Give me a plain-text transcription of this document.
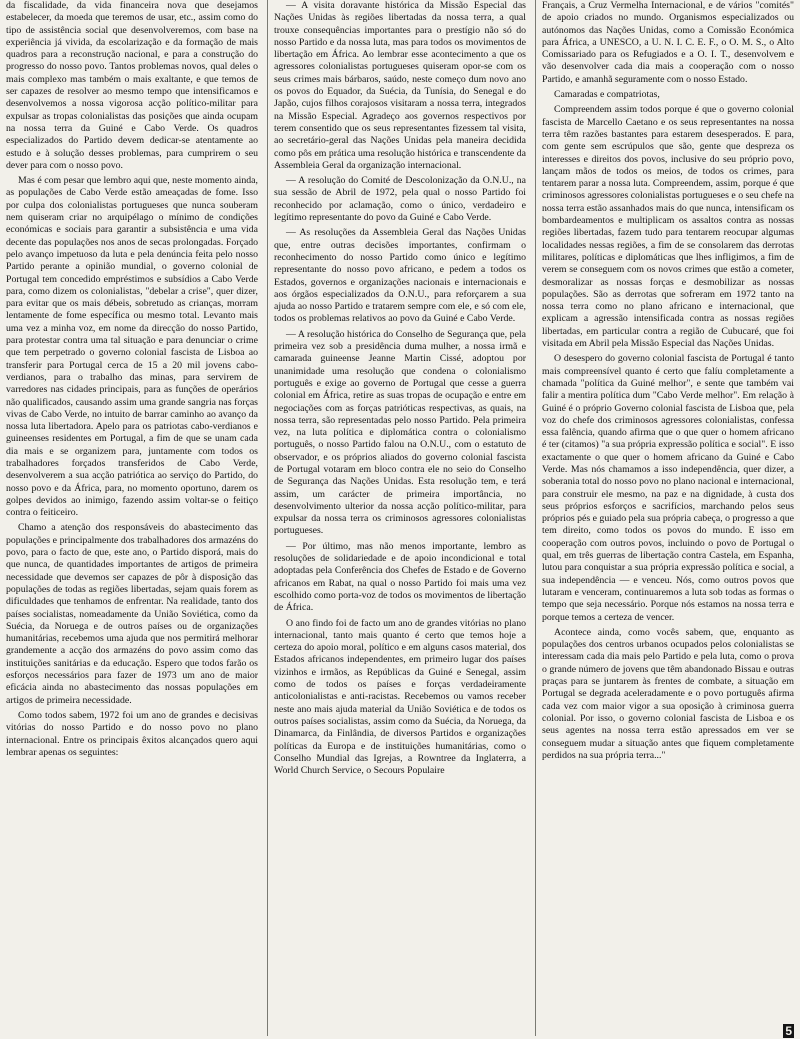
da fiscalidade, da vida financeira nova que desejamos estabelecer, da moeda que teremos de usar, etc., assim como do tipo de assistência social que desenvolveremos, com base na experiência já vivida, da escolarização e da formação de mais quadros para a reconstrução nacional, e para a construção do progresso do nosso povo. Tantos problemas novos, qual deles o mais complexo mas também o mais exaltante, e que temos de ser capazes de resolver ao mesmo tempo que intensificamos e desenvolvemos a nossa vigorosa acção político-militar para expulsar as tropas colonialistas das posições que ainda ocupam na nossa terra da Guiné e Cabo Verde. Os quadros especializados do Partido devem dedicar-se atentamente ao estudo e à solução desses problemas, para cumprirem o seu dever para com o nosso povo.

Mas é com pesar que lembro aqui que, neste momento ainda, as populações de Cabo Verde estão ameaçadas de fome. Isso por culpa dos colonialistas portugueses que nunca souberam nem quiseram criar no arquipélago o mínimo de condições económicas e sociais para garantir a subsistência e uma vida decente das populações nos anos de secas prolongadas. Forçado pelo avanço impetuoso da luta e pela denúncia feita pelo nosso Partido perante a opinião mundial, o governo colonial de Portugal tem concedido empréstimos e subsídios a Cabo Verde para, como dizem os colonialistas, "debelar a crise", quer dizer, para evitar que os mais débeis, sobretudo as crianças, morram lentamente de fome específica ou mesmo total. Levanto mais uma vez a minha voz, em nome da direcção do nosso Partido, para protestar contra uma tal situação e para denunciar o crime que tem perpetrado o governo colonial fascista de Lisboa ao transferir para Portugal cerca de 15 a 20 mil jovens cabo-verdianos, para o trabalho das minas, para servirem de varredores nas cidades principais, para as funções de operários não qualificados, causando assim uma grande sangria nas forças vivas de Cabo Verde, no intuito de barrar caminho ao avanço da nossa luta libertadora. Apelo para os patriotas cabo-verdianos e guineenses residentes em Portugal, a fim de que se unam cada dia mais e se organizem para, juntamente com todos os trabalhadores forçados transferidos de Cabo Verde, desenvolverem a sua acção patriótica ao serviço do Partido, do nosso povo e da África, para, no momento oportuno, darem os golpes devidos ao inimigo, fazendo assim voltar-se o feitiço contra o feiticeiro.

Chamo a atenção dos responsáveis do abastecimento das populações e principalmente dos trabalhadores dos armazéns do povo, para o facto de que, este ano, o Partido disporá, mais do que nunca, de quantidades importantes de artigos de primeira necessidade que devemos ser capazes de pôr à disposição das populações de todas as regiões libertadas, sejam quais forem as dificuldades que tenhamos de enfrentar. Na realidade, tanto dos países socialistas, nomeadamente da União Soviética, como da Suécia, da Noruega e de outros países ou de organizações humanitárias, recebemos uma ajuda que nos permitirá melhorar grandemente a acção dos armazéns do povo assim como das instituições sanitárias e da educação. Espero que todos farão os esforços necessários para fazer de 1973 um ano de maior eficácia ainda no abastecimento das nossas populações em artigos de primeira necessidade.

Como todos sabem, 1972 foi um ano de grandes e decisivas vitórias do nosso Partido e do nosso povo no plano internacional. Entre os principais êxitos alcançados quero aqui lembrar apenas os seguintes:

— A visita doravante histórica da Missão Especial das Nações Unidas às regiões libertadas da nossa terra, a qual trouxe consequências importantes para o prestígio não só do nosso Partido e da nossa luta, mas para todos os movimentos de libertação em África. Ao lembrar esse acontecimento a que os agressores colonialistas portugueses quiseram opor-se com os seus crimes mais bárbaros, saúdo, neste começo dum novo ano os povos do Equador, da Suécia, da Tunísia, do Senegal e do Japão, cujos filhos corajosos visitaram a nossa terra, integrados na Missão Especial. Agradeço aos governos respectivos por terem consentido que os seus representantes fizessem tal visita, ao secretário-geral das Nações Unidas pela maneira decidida como pôs em prática uma resolução histórica e transcendente da Assembleia Geral da organização internacional.

— A resolução do Comité de Descolonização da O.N.U., na sua sessão de Abril de 1972, pela qual o nosso Partido foi reconhecido por aclamação, como o único, verdadeiro e legítimo representante do povo da Guiné e Cabo Verde.

— As resoluções da Assembleia Geral das Nações Unidas que, entre outras decisões importantes, confirmam o reconhecimento do nosso Partido como único e legítimo representante do nosso povo africano, e pedem a todos os Estados, governos e organizações nacionais e internacionais e aos órgãos especializados da O.N.U., para reforçarem a sua ajuda ao nosso Partido e tratarem sempre com ele, e só com ele, todos os problemas relativos ao povo da Guiné e Cabo Verde.

— A resolução histórica do Conselho de Segurança que, pela primeira vez sob a presidência duma mulher, a nossa irmã e camarada guineense Jeanne Martin Cissé, adoptou por unanimidade uma resolução que condena o colonialismo português e exige ao governo de Portugal que cesse a guerra colonial em África, retire as suas tropas de ocupação e entre em negociações com as forças patrióticas respectivas, as quais, na nossa terra, são representadas pelo nosso Partido. Pela primeira vez, na luta política e diplomática contra o colonialismo português, o nosso Partido falou na O.N.U., com o estatuto de observador, e os próprios aliados do governo colonial fascista de Portugal votaram em bloco contra ele no seio do Conselho de Segurança das Nações Unidas. Esta resolução tem, e terá assim, um carácter de primeira importância, no desenvolvimento ulterior da nossa acção político-militar, para expulsar da nossa terra os criminosos agressores colonialistas portugueses.

— Por último, mas não menos importante, lembro as resoluções de solidariedade e de apoio incondicional e total adoptadas pela Conferência dos Chefes de Estado e de Governo africanos em Rabat, na qual o nosso Partido foi mais uma vez escolhido como porta-voz de todos os movimentos de libertação de África.

O ano findo foi de facto um ano de grandes vitórias no plano internacional, tanto mais quanto é certo que temos hoje a certeza do apoio moral, político e em alguns casos material, dos Estados africanos independentes, em primeiro lugar dos países vizinhos e irmãos, as Repúblicas da Guiné e Senegal, assim como de todos os países e forças verdadeiramente anticolonialistas e anti-racistas. Recebemos ou vamos receber neste ano mais ajuda material da União Soviética e de todos os outros países socialistas, assim como da Suécia, da Noruega, da Dinamarca, da Finlândia, de diversos Partidos e organizações políticas da Europa e de instituições humanitárias, como o Conselho Mundial das Igrejas, a Rowntree da Inglaterra, a World Church Service, o Secours Populaire

Français, a Cruz Vermelha Internacional, e de vários "comités" de apoio criados no mundo. Organismos especializados ou autónomos das Nações Unidas, como a Comissão Económica para África, a UNESCO, a U. N. I. C. E. F., o O. M. S., o Alto Comissariado para os Refugiados e a O. I. T., desenvolvem e vão desenvolver cada dia mais a cooperação com o nosso Partido, e amanhã seguramente com o nosso Estado.

Camaradas e compatriotas,

Compreendem assim todos porque é que o governo colonial fascista de Marcello Caetano e os seus representantes na nossa terra têm razões bastantes para estarem desesperados. E para, com gente sem escrúpulos que são, gente que despreza os interesses e direitos dos povos, inclusive do seu próprio povo, lançam mãos de todos os meios, de todos os crimes, para tentarem parar a nossa luta. Compreendem, assim, porque é que criminosos agressores colonialistas portugueses e o seu chefe na nossa terra estão assanhados mais do que nunca, intensificam os bombardeamentos e multiplicam os assaltos contra as nossas regiões libertadas, fazem tudo para tentarem reocupar algumas localidades nessas regiões, a fim de se consolarem das derrotas militares, políticas e diplomáticas que lhes infligimos, a fim de verem se conseguem com os novos crimes que estão a cometer, desmoralizar as nossas forças e desmobilizar as nossas populações. São as derrotas que sofreram em 1972 tanto na nossa terra como no plano africano e internacional, que explicam a agressão intensificada contra as nossas regiões libertadas, em particular contra a região de Cubucaré, que foi visitada em Abril pela Missão Especial das Nações Unidas.

O desespero do governo colonial fascista de Portugal é tanto mais compreensível quanto é certo que falíu completamente a chamada "política da Guiné melhor", e sente que também vai falir a mentira política dum "Cabo Verde melhor". Em relação à Guiné é o próprio Governo colonial fascista de Lisboa que, pela voz do chefe dos criminosos agressores colonialistas, confessa essa falência, quando afirma que o que quer o homem africano é ter (citamos) "a sua própria expressão política e social". E isso exactamente o que quer o homem africano da Guiné e Cabo Verde. Mas nós chamamos a isso independência, quer dizer, a soberania total do nosso povo no plano nacional e internacional, para construir ele mesmo, na paz e na dignidade, à custa dos seus próprios esforços e sacrifícios, marchando pelos seus próprios pés e guiado pela sua própria cabeça, o progresso a que tem direito, como todos os povos do mundo. E isso em cooperação com outros povos, incluindo o povo de Portugal o qual, em três guerras de libertação contra Castela, em Espanha, lutou para conquistar a sua própria expressão política e social, a sua independência — e venceu. Nós, como outros povos que lutaram e venceram, continuaremos a luta sob todas as formas o tempo que seja necessário. Porque nós estamos na nossa terra e porque temos a certeza de vencer.

Acontece ainda, como vocês sabem, que, enquanto as populações dos centros urbanos ocupados pelos colonialistas se interessam cada dia mais pelo Partido e pela luta, como o prova o grande número de jovens que têm abandonado Bissau e outras praças para se juntarem às frentes de combate, a situação em Portugal se degrada aceleradamente e o povo português afirma cada vez com maior vigor a sua oposição à criminosa guerra colonial. Por isso, o governo colonial fascista de Lisboa e os seus agentes na nossa terra estão apressados em ver se conseguem mudar a situação antes que fiquem completamente perdidos na sua própria terra..."

5
